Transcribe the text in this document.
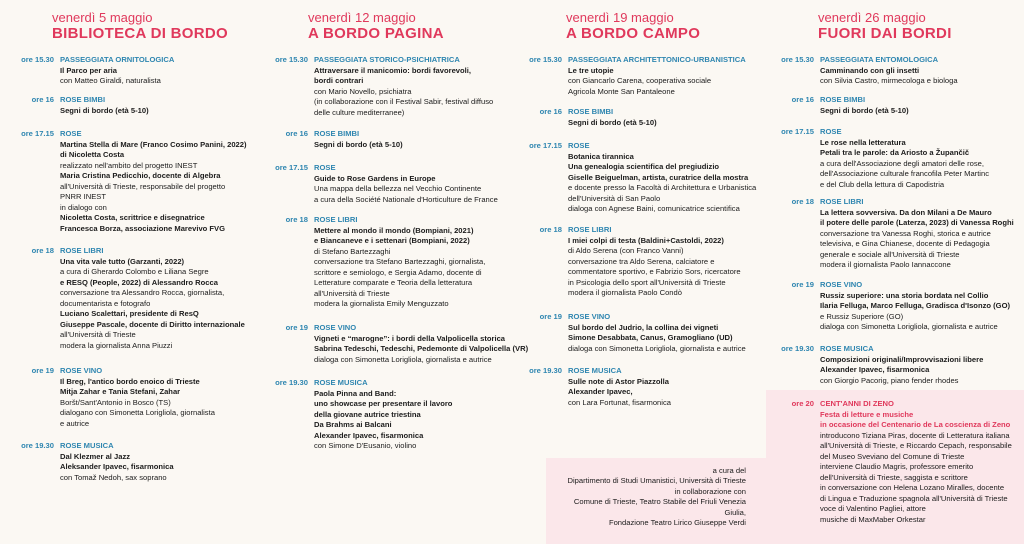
venerdì 5 maggio
BIBLIOTECA DI BORDO
ore 15.30 PASSEGGIATA ORNITOLOGICA
Il Parco per aria
con Matteo Giraldi, naturalista
ore 16 ROSE BIMBI
Segni di bordo (età 5-10)
ore 17.15 ROSE
Martina Stella di Mare (Franco Cosimo Panini, 2022)
di Nicoletta Costa
realizzato nell'ambito del progetto INEST
Maria Cristina Pedicchio, docente di Algebra
all'Università di Trieste, responsabile del progetto
PNRR INEST
in dialogo con
Nicoletta Costa, scrittrice e disegnatrice
Francesca Borza, associazione Marevivo FVG
ore 18 ROSE LIBRI
Una vita vale tutto (Garzanti, 2022)
a cura di Gherardo Colombo e Liliana Segre
e RESQ (People, 2022) di Alessandro Rocca
conversazione tra Alessandro Rocca, giornalista,
documentarista e fotografo
Luciano Scalettari, presidente di ResQ
Giuseppe Pascale, docente di Diritto internazionale
all'Università di Trieste
modera la giornalista Anna Piuzzi
ore 19 ROSE VINO
Il Breg, l'antico bordo enoico di Trieste
Mitja Zahar e Tania Stefani, Zahar
Boršt/Sant'Antonio in Bosco (TS)
dialogano con Simonetta Lorigliola, giornalista
e autrice
ore 19.30 ROSE MUSICA
Dal Klezmer al Jazz
Aleksander Ipavec, fisarmonica
con Tomaž Nedoh, sax soprano
venerdì 12 maggio
A BORDO PAGINA
ore 15.30 PASSEGGIATA STORICO-PSICHIATRICA
Attraversare il manicomio: bordi favorevoli,
bordi contrari
con Mario Novello, psichiatra
(in collaborazione con il Festival Sabir, festival diffuso
delle culture mediterranee)
ore 16 ROSE BIMBI
Segni di bordo (età 5-10)
ore 17.15 ROSE
Guide to Rose Gardens in Europe
Una mappa della bellezza nel Vecchio Continente
a cura della Société Nationale d'Horticulture de France
ore 18 ROSE LIBRI
Mettere al mondo il mondo (Bompiani, 2021)
e Biancaneve e i settenari (Bompiani, 2022)
di Stefano Bartezzaghi
conversazione tra Stefano Bartezzaghi, giornalista,
scrittore e semiologo, e Sergia Adamo, docente di
Letterature comparate e Teoria della letteratura
all'Università di Trieste
modera la giornalista Emily Menguzzato
ore 19 ROSE VINO
Vigneti e “marogne”: i bordi della Valpolicella storica
Sabrina Tedeschi, Tedeschi, Pedemonte di Valpolicella (VR)
dialoga con Simonetta Lorigliola, giornalista e autrice
ore 19.30 ROSE MUSICA
Paola Pinna and Band:
uno showcase per presentare il lavoro
della giovane autrice triestina
Da Brahms ai Balcani
Alexander Ipavec, fisarmonica
con Simone D'Eusanio, violino
venerdì 19 maggio
A BORDO CAMPO
ore 15.30 PASSEGGIATA ARCHITETTONICO-URBANISTICA
Le tre utopie
con Giancarlo Carena, cooperativa sociale
Agricola Monte San Pantaleone
ore 16 ROSE BIMBI
Segni di bordo (età 5-10)
ore 17.15 ROSE
Botanica tirannica
Una genealogia scientifica del pregiudizio
Giselle Beiguelman, artista, curatrice della mostra
e docente presso la Facoltà di Architettura e Urbanistica
dell'Università di San Paolo
dialoga con Agnese Baini, comunicatrice scientifica
ore 18 ROSE LIBRI
I miei colpi di testa (Baldini+Castoldi, 2022)
di Aldo Serena (con Franco Vanni)
conversazione tra Aldo Serena, calciatore e
commentatore sportivo, e Fabrizio Sors, ricercatore
in Psicologia dello sport all'Università di Trieste
modera il giornalista Paolo Condò
ore 19 ROSE VINO
Sul bordo del Judrio, la collina dei vigneti
Simone Desabbata, Canus, Gramogliano (UD)
dialoga con Simonetta Lorigliola, giornalista e autrice
ore 19.30 ROSE MUSICA
Sulle note di Astor Piazzolla
Alexander Ipavec,
con Lara Fortunat, fisarmonica
venerdì 26 maggio
FUORI DAI BORDI
ore 15.30 PASSEGGIATA ENTOMOLOGICA
Camminando con gli insetti
con Silvia Castro, mirmecologa e biologa
ore 16 ROSE BIMBI
Segni di bordo (età 5-10)
ore 17.15 ROSE
Le rose nella letteratura
Petali tra le parole: da Ariosto a Župančič
a cura dell'Associazione degli amatori delle rose,
dell'Associazione culturale francofila Peter Martinc
e del Club della lettura di Capodistria
ore 18 ROSE LIBRI
La lettera sovversiva. Da don Milani a De Mauro
il potere delle parole (Laterza, 2023) di Vanessa Roghi
conversazione tra Vanessa Roghi, storica e autrice
televisiva, e Gina Chianese, docente di Pedagogia
generale e sociale all'Università di Trieste
modera il giornalista Paolo Iannaccone
ore 19 ROSE VINO
Russiz superiore: una storia bordata nel Collio
Ilaria Felluga, Marco Felluga, Gradisca d'Isonzo (GO)
e Russiz Superiore (GO)
dialoga con Simonetta Lorigliola, giornalista e autrice
ore 19.30 ROSE MUSICA
Composizioni originali/Improvvisazioni libere
Alexander Ipavec, fisarmonica
con Giorgio Pacorig, piano fender rhodes
ore 20 CENT'ANNI DI ZENO
Festa di letture e musiche
in occasione del Centenario de La coscienza di Zeno
introducono Tiziana Piras, docente di Letteratura italiana
all'Università di Trieste, e Riccardo Cepach, responsabile
del Museo Sveviano del Comune di Trieste
interviene Claudio Magris, professore emerito
dell'Università di Trieste, saggista e scrittore
in conversazione con Helena Lozano Miralles, docente
di Lingua e Traduzione spagnola all'Università di Trieste
voce di Valentino Pagliei, attore
musiche di MaxMaber Orkestar
a cura del
Dipartimento di Studi Umanistici, Università di Trieste
in collaborazione con
Comune di Trieste, Teatro Stabile del Friuli Venezia Giulia,
Fondazione Teatro Lirico Giuseppe Verdi
